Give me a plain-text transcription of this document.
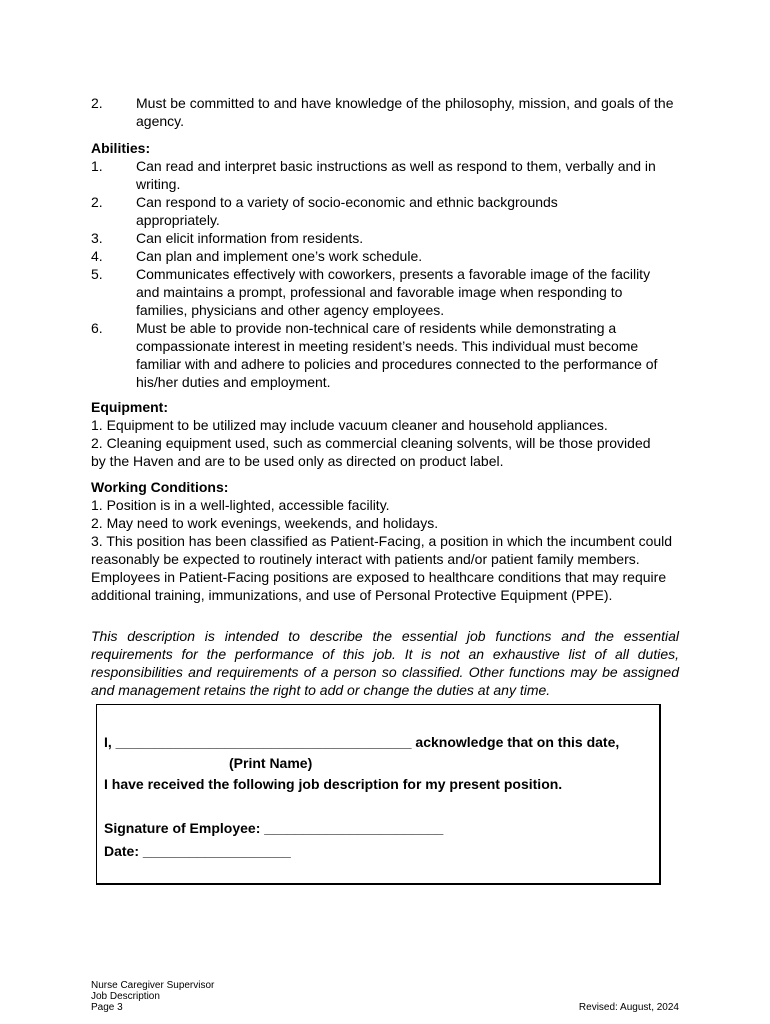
2.	Must be committed to and have knowledge of the philosophy, mission, and goals of the agency.
Abilities:
1.	Can read and interpret basic instructions as well as respond to them, verbally and in writing.
2.	Can respond to a variety of socio-economic and ethnic backgrounds appropriately.
3.	Can elicit information from residents.
4.	Can plan and implement one’s work schedule.
5.	Communicates effectively with coworkers, presents a favorable image of the facility and maintains a prompt, professional and favorable image when responding to families, physicians and other agency employees.
6.	Must be able to provide non-technical care of residents while demonstrating a compassionate interest in meeting resident’s needs. This individual must become familiar with and adhere to policies and procedures connected to the performance of his/her duties and employment.
Equipment:
1. Equipment to be utilized may include vacuum cleaner and household appliances.
2. Cleaning equipment used, such as commercial cleaning solvents, will be those provided by the Haven and are to be used only as directed on product label.
Working Conditions:
1. Position is in a well-lighted, accessible facility.
2. May need to work evenings, weekends, and holidays.
3. This position has been classified as Patient-Facing, a position in which the incumbent could reasonably be expected to routinely interact with patients and/or patient family members. Employees in Patient-Facing positions are exposed to healthcare conditions that may require additional training, immunizations, and use of Personal Protective Equipment (PPE).
This description is intended to describe the essential job functions and the essential requirements for the performance of this job. It is not an exhaustive list of all duties, responsibilities and requirements of a person so classified. Other functions may be assigned and management retains the right to add or change the duties at any time.
I, ______________________________________ acknowledge that on this date,
(Print Name)
I have received the following job description for my present position.
Signature of Employee: _______________________
Date: ___________________
Nurse Caregiver Supervisor
Job Description
Page 3	Revised: August, 2024
